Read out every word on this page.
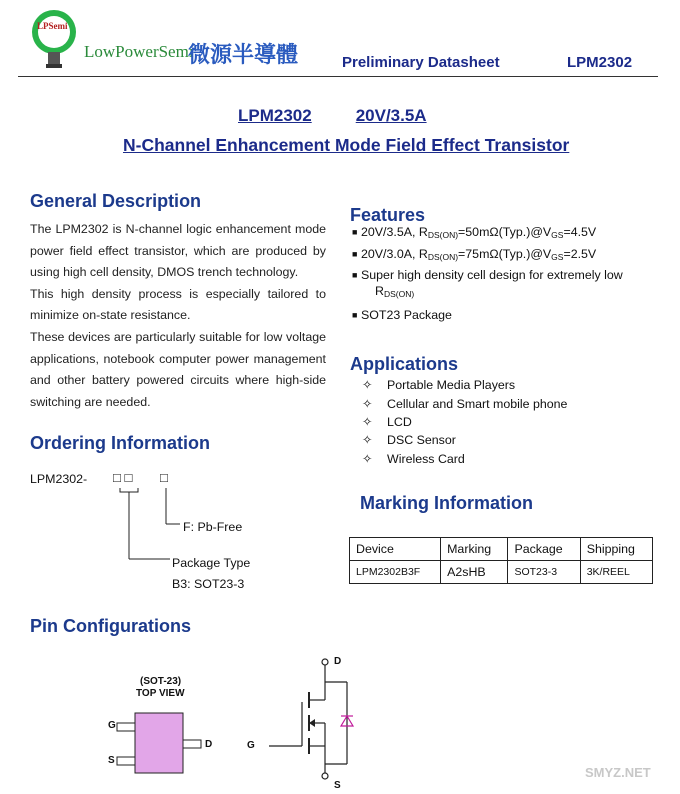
LPSemi
LowPowerSemi
微源半導體	Preliminary Datasheet	LPM2302
LPM2302	20V/3.5A
N-Channel Enhancement Mode Field Effect Transistor
General Description
The LPM2302 is N-channel logic enhancement mode power field effect transistor, which are produced by using high cell density, DMOS trench technology.
This high density process is especially tailored to minimize on-state resistance.
These devices are particularly suitable for low voltage applications, notebook computer power management and other battery powered circuits where high-side switching are needed.
Features
■ 20V/3.5A, $R_{DS(ON)}=50m\Omega(Typ.)@V_{GS}=4.5V$
■ 20V/3.0A, $R_{DS(ON)}=75m\Omega(Typ.)@V_{GS}=2.5V$
■ Super high density cell design for extremely low
$R_{DS(ON)}$
■ SOT23 Package
Applications
✧ Portable Media Players
✧ Cellular and Smart mobile phone
✧ LCD
✧ DSC Sensor
✧ Wireless Card
Ordering Information
LPM2302- □ □ □
F: Pb-Free
Package Type
B3: SOT23-3
Marking Information
Device	Marking	Package	Shipping
LPM2302B3F	A2sHB	SOT23-3	3K/REEL
Pin Configurations
(SOT-23)
TOP VIEW
G
S
D	G
D
S
SMYZ.NET
